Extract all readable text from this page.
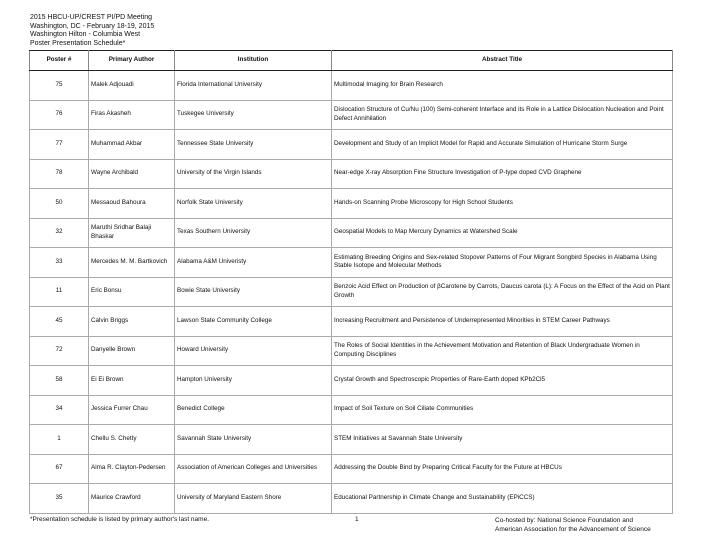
2015 HBCU-UP/CREST PI/PD Meeting
Washington, DC - February 18-19, 2015
Washington Hilton - Columbia West
Poster Presentation Schedule*
Poster #	Primary Author	Institution	Abstract Title
75	Malek Adjouadi	Florida International University	Multimodal Imaging for Brain Research
76	Firas Akasheh	Tuskegee University	Dislocation Structure of Cu/Nu (100) Semi-coherent Interface and its Role in a Lattice Dislocation Nucleation and Point Defect Annihilation
77	Muhammad Akbar	Tennessee State University	Development and Study of an Implicit Model for Rapid and Accurate Simulation of Hurricane Storm Surge
78	Wayne Archibald	University of the Virgin Islands	Near-edge X-ray Absorption Fine Structure Investigation of P-type doped CVD Graphene
50	Messaoud Bahoura	Norfolk State University	Hands-on Scanning Probe Microscopy for High School Students
32	Maruthi Sridhar Balaji Bhaskar	Texas Southern University	Geospatial Models to Map Mercury Dynamics at Watershed Scale
33	Mercedes M. M. Bartkovich	Alabama A&M Univeristy	Estimating Breeding Origins and Sex-related Stopover Patterns of Four Migrant Songbird Species in Alabama Using Stable Isotope and Molecular Methods
11	Eric Bonsu	Bowie State University	Benzoic Acid Effect on Production of βCarotene by Carrots, Daucus carota (L): A Focus on the Effect of the Acid on Plant Growth
45	Calvin Briggs	Lawson State Community College	Increasing Recruitment and Persistence of Underrepresented Minorities in STEM Career Pathways
72	Danyelle Brown	Howard University	The Roles of Social Identities in the Achievement Motivation and Retention of Black Undergraduate Women in Computing Disciplines
58	Ei Ei Brown	Hampton University	Crystal Growth and Spectroscopic Properties of Rare-Earth doped KPb2Cl5
34	Jessica Furrer Chau	Benedict College	Impact of Soil Texture on Soil Ciliate Communities
1	Chellu S. Chetty	Savannah State University	STEM Initiatives at Savannah State University
67	Alma R. Clayton-Pedersen	Association of American Colleges and Universities	Addressing the Double Bind by Preparing Critical Faculty for the Future at HBCUs
35	Maurice Crawford	University of Maryland Eastern Shore	Educational Partnership in Climate Change and Sustainability (EPiCCS)
*Presentation schedule is listed by primary author's last name.	1	Co-hosted by: National Science Foundation and
American Association for the Advancement of Science
